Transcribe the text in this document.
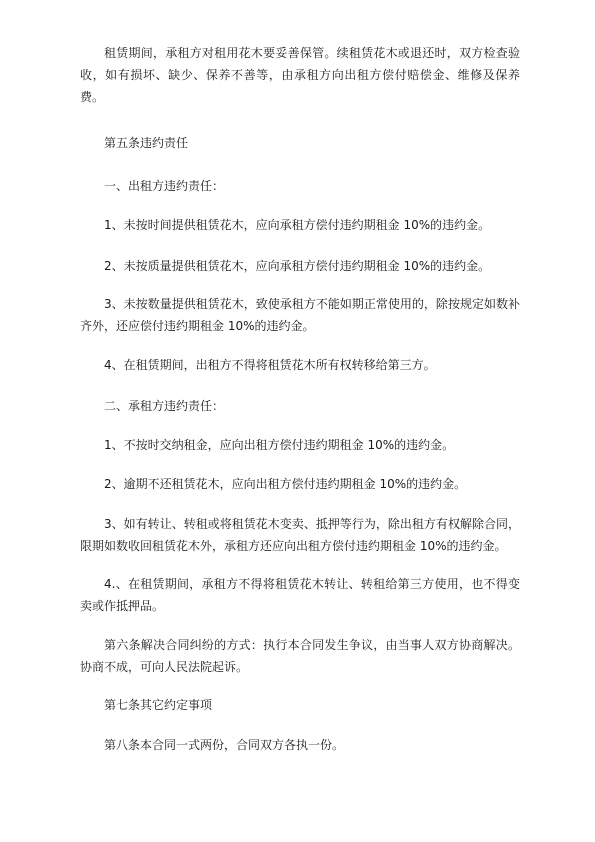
租赁期间，承租方对租用花木要妥善保管。续租赁花木或退还时，双方检查验收，如有损坏、缺少、保养不善等，由承租方向出租方偿付赔偿金、维修及保养费。

第五条违约责任

一、出租方违约责任：

1、未按时间提供租赁花木，应向承租方偿付违约期租金 10%的违约金。

2、未按质量提供租赁花木，应向承租方偿付违约期租金 10%的违约金。

3、未按数量提供租赁花木，致使承租方不能如期正常使用的，除按规定如数补齐外，还应偿付违约期租金 10%的违约金。

4、在租赁期间，出租方不得将租赁花木所有权转移给第三方。

二、承租方违约责任：

1、不按时交纳租金，应向出租方偿付违约期租金 10%的违约金。

2、逾期不还租赁花木，应向出租方偿付违约期租金 10%的违约金。

3、如有转让、转租或将租赁花木变卖、抵押等行为，除出租方有权解除合同，限期如数收回租赁花木外，承租方还应向出租方偿付违约期租金 10%的违约金。

4.、在租赁期间，承租方不得将租赁花木转让、转租给第三方使用，也不得变卖或作抵押品。

第六条解决合同纠纷的方式：执行本合同发生争议，由当事人双方协商解决。协商不成，可向人民法院起诉。

第七条其它约定事项

第八条本合同一式两份，合同双方各执一份。
